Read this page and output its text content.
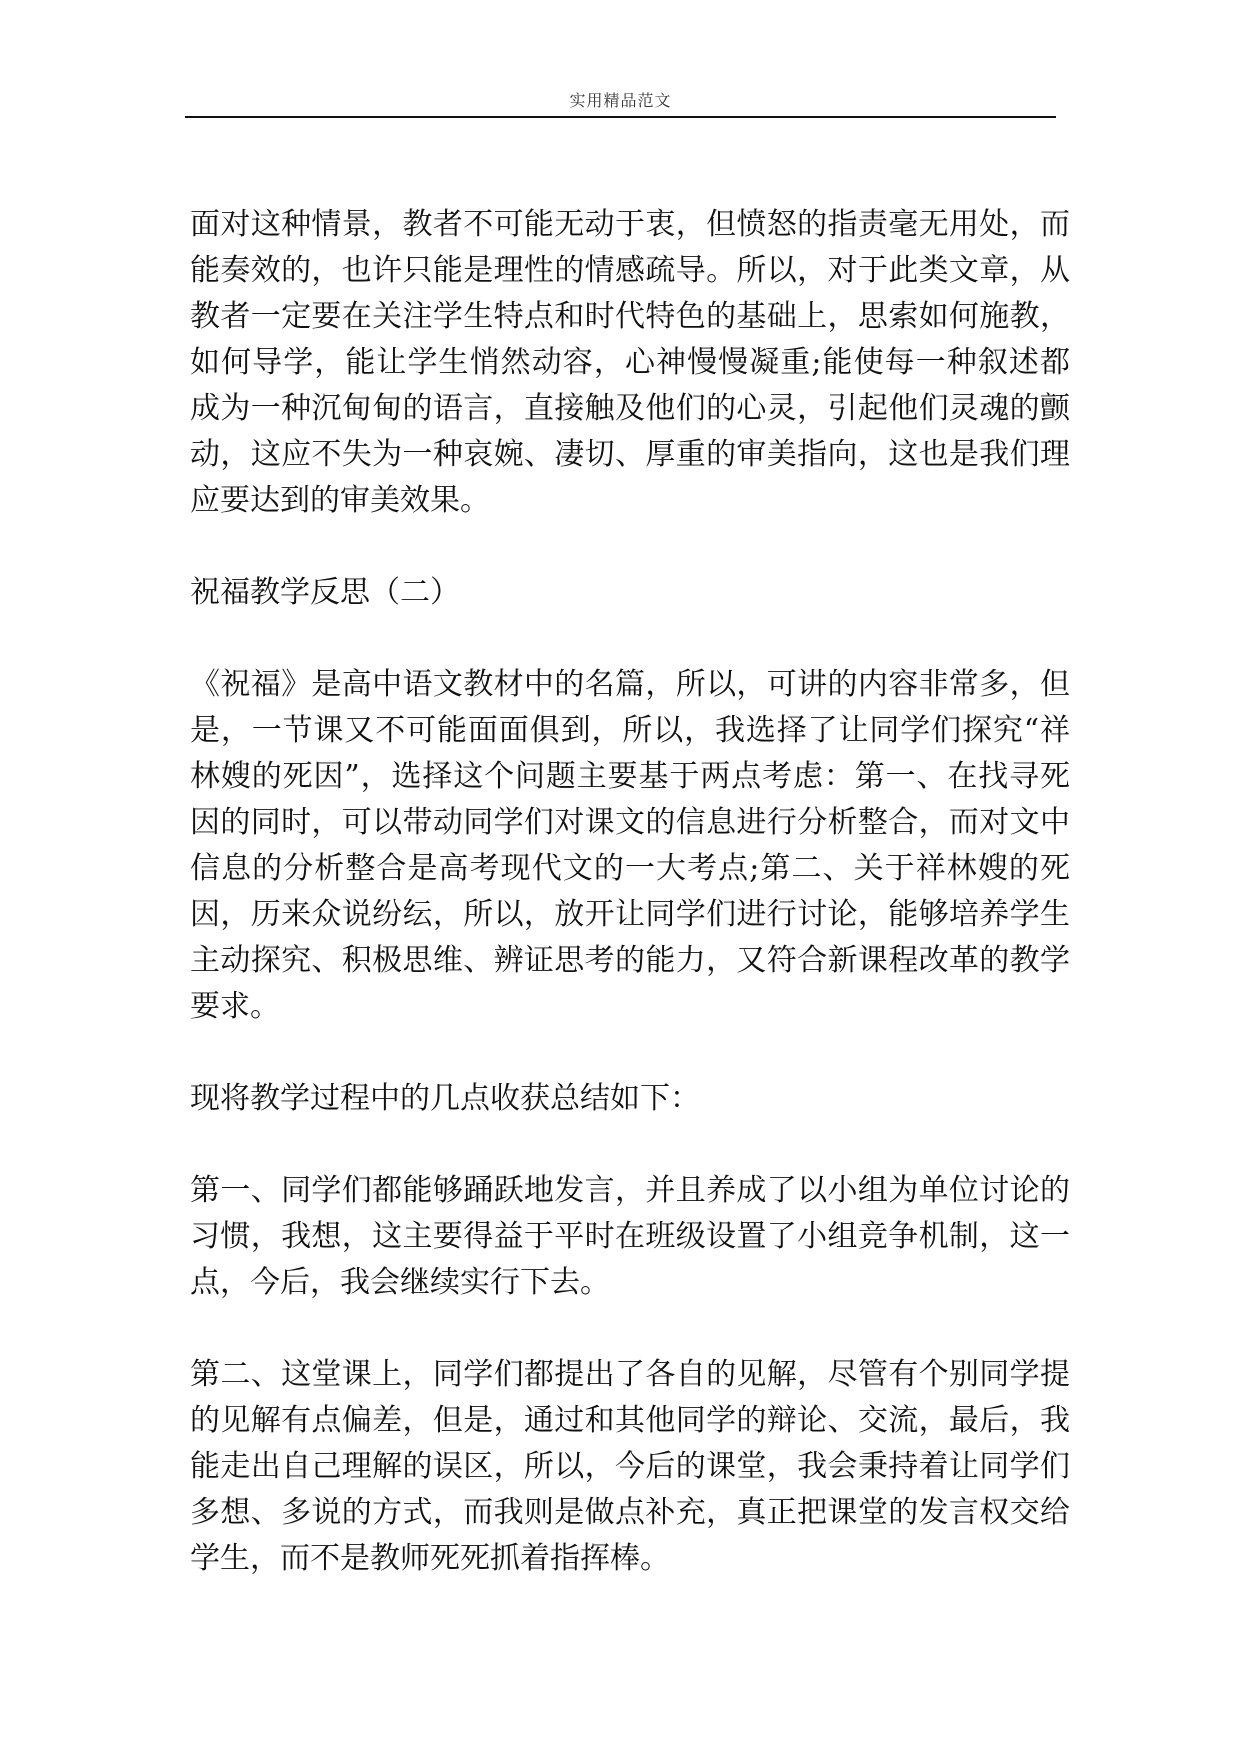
实用精品范文

面对这种情景，教者不可能无动于衷，但愤怒的指责毫无用处，而能奏效的，也许只能是理性的情感疏导。所以，对于此类文章，从教者一定要在关注学生特点和时代特色的基础上，思索如何施教，如何导学，能让学生悄然动容，心神慢慢凝重;能使每一种叙述都成为一种沉甸甸的语言，直接触及他们的心灵，引起他们灵魂的颤动，这应不失为一种哀婉、凄切、厚重的审美指向，这也是我们理应要达到的审美效果。

祝福教学反思（二）

《祝福》是高中语文教材中的名篇，所以，可讲的内容非常多，但是，一节课又不可能面面俱到，所以，我选择了让同学们探究“祥林嫂的死因”，选择这个问题主要基于两点考虑：第一、在找寻死因的同时，可以带动同学们对课文的信息进行分析整合，而对文中信息的分析整合是高考现代文的一大考点;第二、关于祥林嫂的死因，历来众说纷纭，所以，放开让同学们进行讨论，能够培养学生主动探究、积极思维、辨证思考的能力，又符合新课程改革的教学要求。

现将教学过程中的几点收获总结如下：

第一、同学们都能够踊跃地发言，并且养成了以小组为单位讨论的习惯，我想，这主要得益于平时在班级设置了小组竞争机制，这一点，今后，我会继续实行下去。

第二、这堂课上，同学们都提出了各自的见解，尽管有个别同学提的见解有点偏差，但是，通过和其他同学的辩论、交流，最后，我能走出自己理解的误区，所以，今后的课堂，我会秉持着让同学们多想、多说的方式，而我则是做点补充，真正把课堂的发言权交给学生，而不是教师死死抓着指挥棒。
